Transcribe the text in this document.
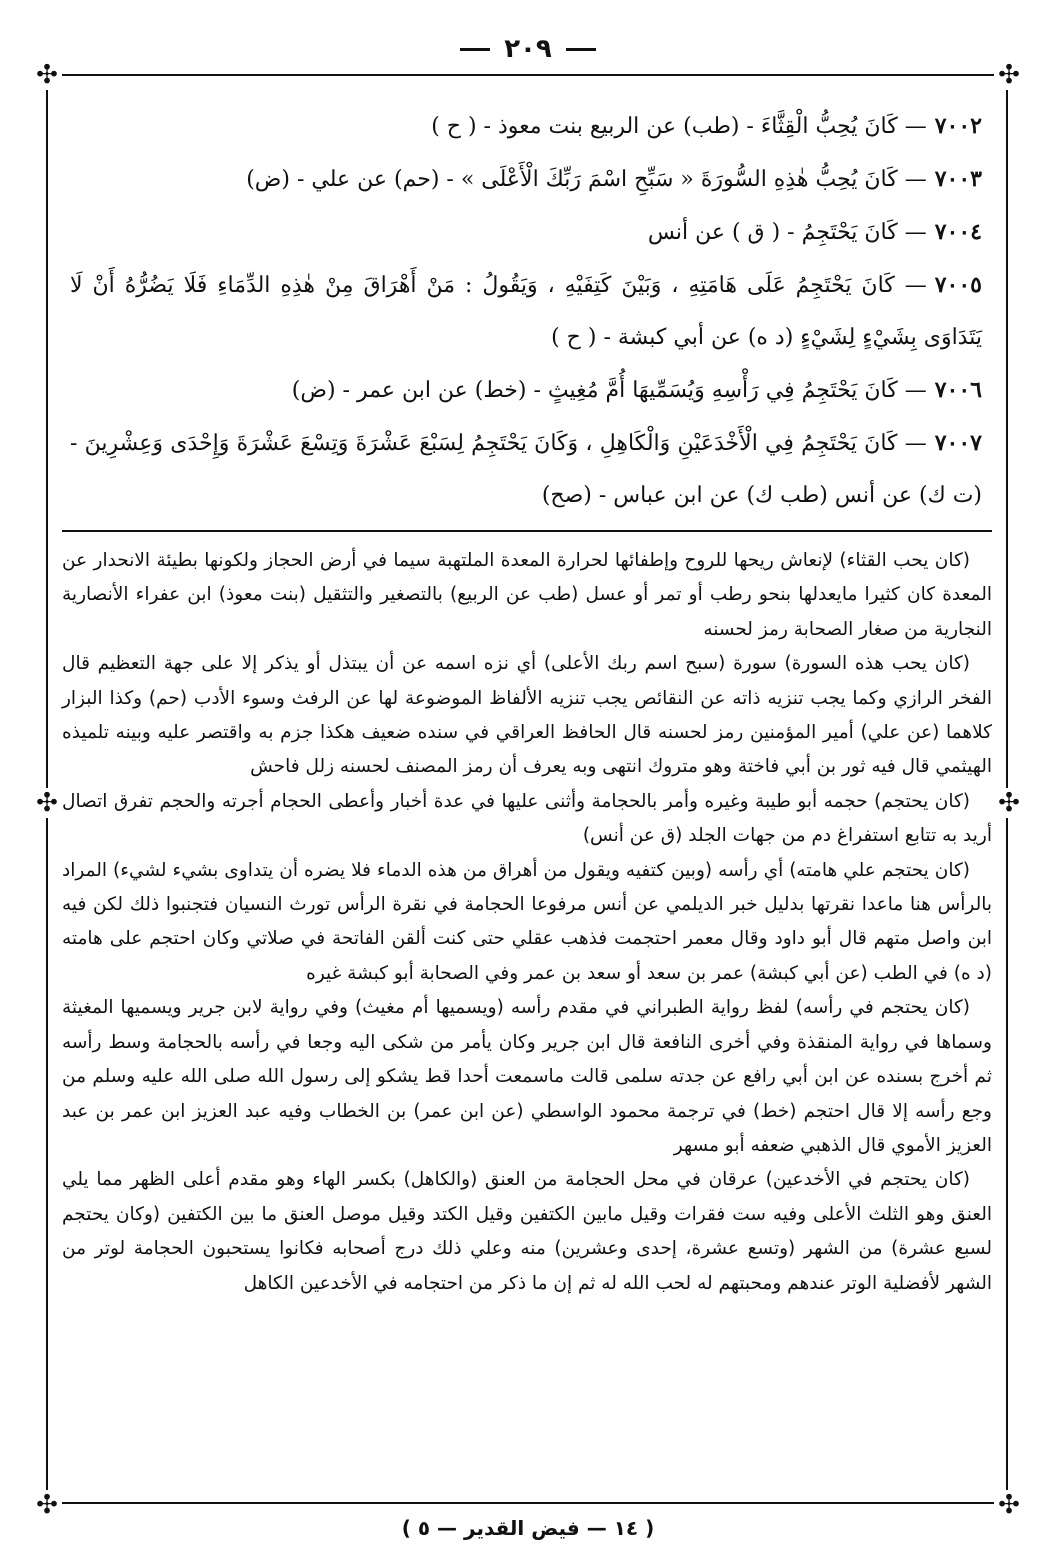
٢٠٩
✣	✣
✣	✣
✣	✣

٧٠٠٢— كَانَ يُحِبُّ الْقِثَّاءَ - (طب) عن الربيع بنت معوذ - ( ح )

٧٠٠٣— كَانَ يُحِبُّ هٰذِهِ السُّورَةَ « سَبِّحِ اسْمَ رَبِّكَ الْأَعْلَى » - (حم) عن علي - (ض)

٧٠٠٤— كَانَ يَحْتَجِمُ - ( ق ) عن أنس

٧٠٠٥— كَانَ يَحْتَجِمُ عَلَى هَامَتِهِ ، وَبَيْنَ كَتِفَيْهِ ، وَيَقُولُ : مَنْ أَهْرَاقَ مِنْ هٰذِهِ الدِّمَاءِ فَلَا يَضُرُّهُ أَنْ لَا يَتَدَاوَى بِشَيْءٍ لِشَيْءٍ (د ه) عن أبي كبشة - ( ح )

٧٠٠٦— كَانَ يَحْتَجِمُ فِي رَأْسِهِ وَيُسَمِّيهَا أُمَّ مُغِيثٍ - (خط) عن ابن عمر - (ض)

٧٠٠٧— كَانَ يَحْتَجِمُ فِي الْأَخْدَعَيْنِ وَالْكَاهِلِ ، وَكَانَ يَحْتَجِمُ لِسَبْعَ عَشْرَةَ وَتِسْعَ عَشْرَةَ وَإِحْدَى وَعِشْرِينَ - (ت ك) عن أنس (طب ك) عن ابن عباس - (صح)

(كان يحب القثاء) لإنعاش ريحها للروح وإطفائها لحرارة المعدة الملتهبة سيما في أرض الحجاز ولكونها بطيئة الانحدار عن المعدة كان كثيرا مايعدلها بنحو رطب أو تمر أو عسل (طب عن الربيع) بالتصغير والتثقيل (بنت معوذ) ابن عفراء الأنصارية النجارية من صغار الصحابة رمز لحسنه

(كان يحب هذه السورة) سورة (سبح اسم ربك الأعلى) أي نزه اسمه عن أن يبتذل أو يذكر إلا على جهة التعظيم قال الفخر الرازي وكما يجب تنزيه ذاته عن النقائص يجب تنزيه الألفاظ الموضوعة لها عن الرفث وسوء الأدب (حم) وكذا البزار كلاهما (عن علي) أمير المؤمنين رمز لحسنه قال الحافظ العراقي في سنده ضعيف هكذا جزم به واقتصر عليه وبينه تلميذه الهيثمي قال فيه ثور بن أبي فاختة وهو متروك انتهى وبه يعرف أن رمز المصنف لحسنه زلل فاحش

(كان يحتجم) حجمه أبو طيبة وغيره وأمر بالحجامة وأثنى عليها في عدة أخبار وأعطى الحجام أجرته والحجم تفرق اتصال أريد به تتابع استفراغ دم من جهات الجلد (ق عن أنس)

(كان يحتجم علي هامته) أي رأسه (وبين كتفيه ويقول من أهراق من هذه الدماء فلا يضره أن يتداوى بشيء لشيء) المراد بالرأس هنا ماعدا نقرتها بدليل خبر الديلمي عن أنس مرفوعا الحجامة في نقرة الرأس تورث النسيان فتجنبوا ذلك لكن فيه ابن واصل متهم قال أبو داود وقال معمر احتجمت فذهب عقلي حتى كنت ألقن الفاتحة في صلاتي وكان احتجم على هامته (د ه) في الطب (عن أبي كبشة) عمر بن سعد أو سعد بن عمر وفي الصحابة أبو كبشة غيره

(كان يحتجم في رأسه) لفظ رواية الطبراني في مقدم رأسه (ويسميها أم مغيث) وفي رواية لابن جرير ويسميها المغيثة وسماها في رواية المنقذة وفي أخرى النافعة قال ابن جرير وكان يأمر من شكى اليه وجعا في رأسه بالحجامة وسط رأسه ثم أخرج بسنده عن ابن أبي رافع عن جدته سلمى قالت ماسمعت أحدا قط يشكو إلى رسول الله صلى الله عليه وسلم من وجع رأسه إلا قال احتجم (خط) في ترجمة محمود الواسطي (عن ابن عمر) بن الخطاب وفيه عبد العزيز ابن عمر بن عبد العزيز الأموي قال الذهبي ضعفه أبو مسهر

(كان يحتجم في الأخدعين) عرقان في محل الحجامة من العنق (والكاهل) بكسر الهاء وهو مقدم أعلى الظهر مما يلي العنق وهو الثلث الأعلى وفيه ست فقرات وقيل مابين الكتفين وقيل الكتد وقيل موصل العنق ما بين الكتفين (وكان يحتجم لسبع عشرة) من الشهر (وتسع عشرة، إحدى وعشرين) منه وعلي ذلك درج أصحابه فكانوا يستحبون الحجامة لوتر من الشهر لأفضلية الوتر عندهم ومحبتهم له لحب الله له ثم إن ما ذكر من احتجامه في الأخدعين الكاهل

( ١٤ — فيض القدير — ٥ )
